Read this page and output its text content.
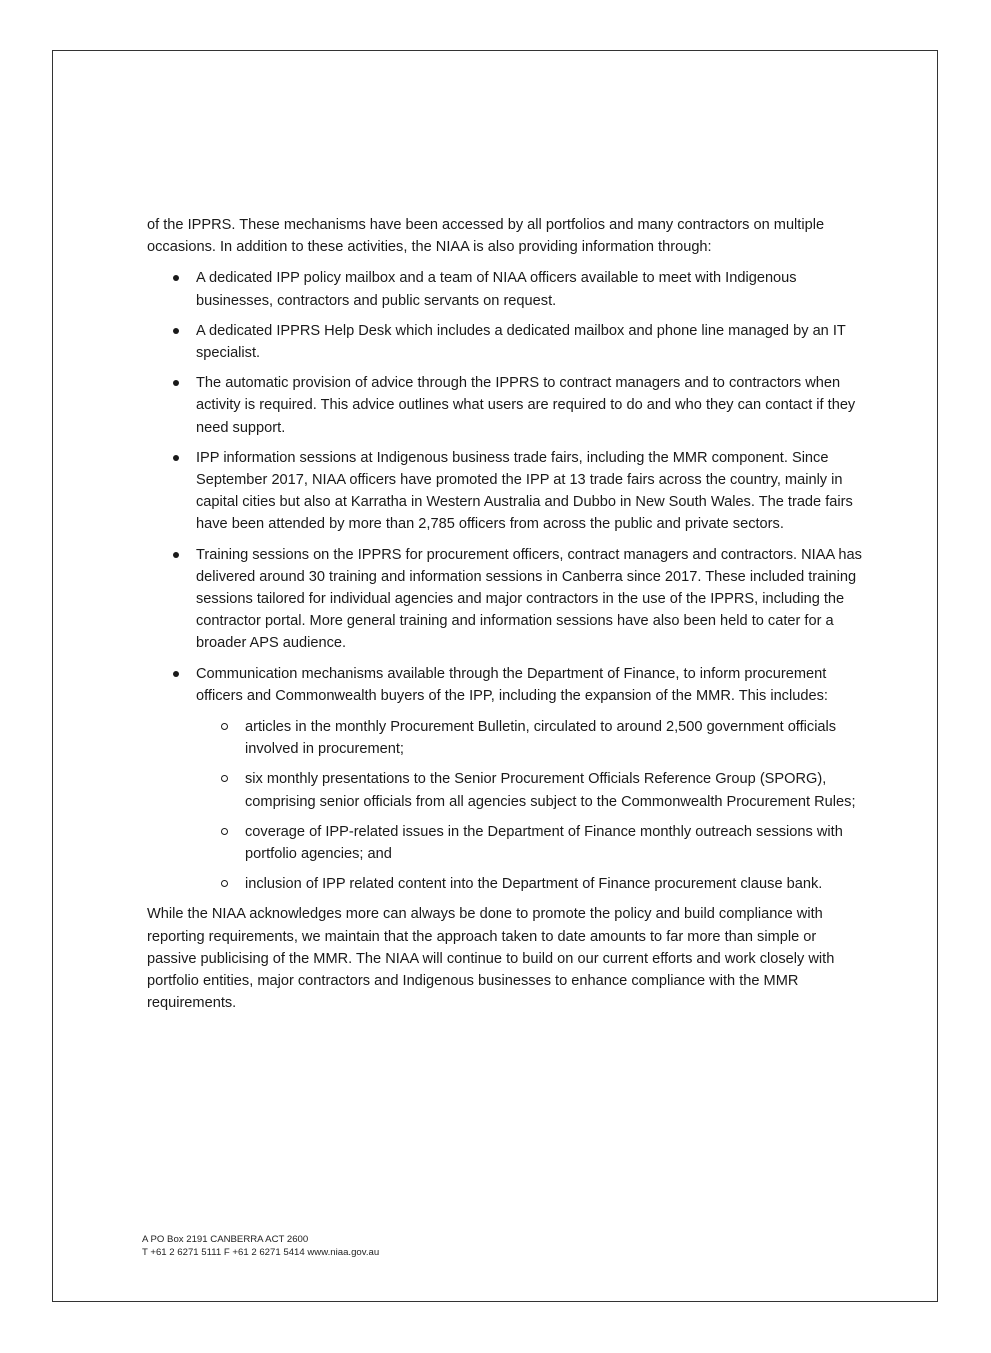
of the IPPRS. These mechanisms have been accessed by all portfolios and many contractors on multiple occasions. In addition to these activities, the NIAA is also providing information through:

A dedicated IPP policy mailbox and a team of NIAA officers available to meet with Indigenous businesses, contractors and public servants on request.
A dedicated IPPRS Help Desk which includes a dedicated mailbox and phone line managed by an IT specialist.
The automatic provision of advice through the IPPRS to contract managers and to contractors when activity is required. This advice outlines what users are required to do and who they can contact if they need support.
IPP information sessions at Indigenous business trade fairs, including the MMR component. Since September 2017, NIAA officers have promoted the IPP at 13 trade fairs across the country, mainly in capital cities but also at Karratha in Western Australia and Dubbo in New South Wales. The trade fairs have been attended by more than 2,785 officers from across the public and private sectors.
Training sessions on the IPPRS for procurement officers, contract managers and contractors. NIAA has delivered around 30 training and information sessions in Canberra since 2017. These included training sessions tailored for individual agencies and major contractors in the use of the IPPRS, including the contractor portal. More general training and information sessions have also been held to cater for a broader APS audience.
Communication mechanisms available through the Department of Finance, to inform procurement officers and Commonwealth buyers of the IPP, including the expansion of the MMR. This includes:
articles in the monthly Procurement Bulletin, circulated to around 2,500 government officials involved in procurement;
six monthly presentations to the Senior Procurement Officials Reference Group (SPORG), comprising senior officials from all agencies subject to the Commonwealth Procurement Rules;
coverage of IPP-related issues in the Department of Finance monthly outreach sessions with portfolio agencies; and
inclusion of IPP related content into the Department of Finance procurement clause bank.

While the NIAA acknowledges more can always be done to promote the policy and build compliance with reporting requirements, we maintain that the approach taken to date amounts to far more than simple or passive publicising of the MMR. The NIAA will continue to build on our current efforts and work closely with portfolio entities, major contractors and Indigenous businesses to enhance compliance with the MMR requirements.

A PO Box 2191 CANBERRA ACT 2600
T +61 2 6271 5111 F +61 2 6271 5414 www.niaa.gov.au
